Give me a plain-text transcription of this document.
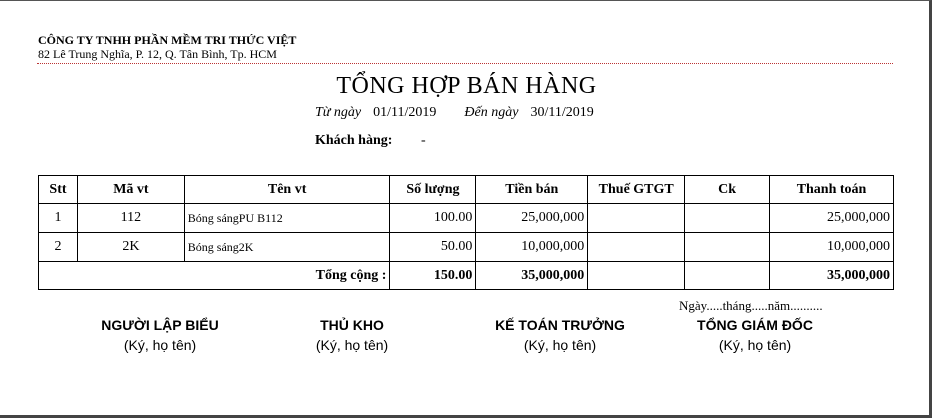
CÔNG TY TNHH PHẦN MỀM TRI THỨC VIỆT
82 Lê Trung Nghĩa, P. 12, Q. Tân Bình, Tp. HCM
TỔNG HỢP BÁN HÀNG
Từ ngày 01/11/2019 Đến ngày 30/11/2019
Khách hàng: -
Stt	Mã vt	Tên vt	Số lượng	Tiền bán	Thuế GTGT	Ck	Thanh toán
1	112	Bóng sángPU B112	100.00	25,000,000			25,000,000
2	2K	Bóng sáng2K	50.00	10,000,000			10,000,000
		Tổng cộng :	150.00	35,000,000			35,000,000
Ngày.....tháng.....năm..........
NGƯỜI LẬP BIỂU
(Ký, họ tên)
THỦ KHO
(Ký, họ tên)
KẾ TOÁN TRƯỞNG
(Ký, họ tên)
TỔNG GIÁM ĐỐC
(Ký, họ tên)
